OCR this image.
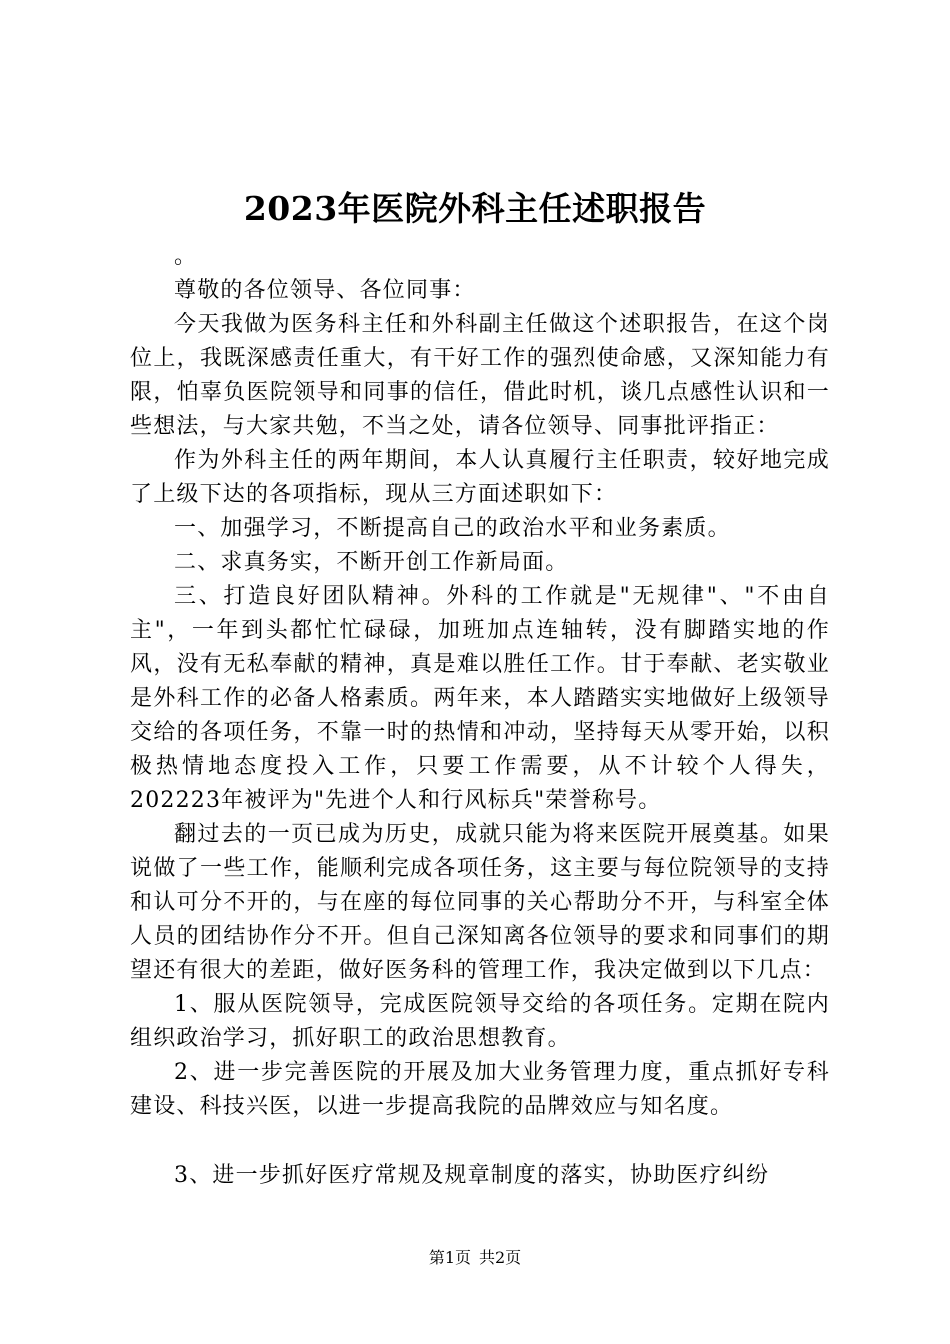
2023年医院外科主任述职报告

。

尊敬的各位领导、各位同事：

今天我做为医务科主任和外科副主任做这个述职报告，在这个岗位上，我既深感责任重大，有干好工作的强烈使命感，又深知能力有限，怕辜负医院领导和同事的信任，借此时机，谈几点感性认识和一些想法，与大家共勉，不当之处，请各位领导、同事批评指正：

作为外科主任的两年期间，本人认真履行主任职责，较好地完成了上级下达的各项指标，现从三方面述职如下：

一、加强学习，不断提高自己的政治水平和业务素质。

二、求真务实，不断开创工作新局面。

三、打造良好团队精神。外科的工作就是"无规律"、"不由自主"，一年到头都忙忙碌碌，加班加点连轴转，没有脚踏实地的作风，没有无私奉献的精神，真是难以胜任工作。甘于奉献、老实敬业是外科工作的必备人格素质。两年来，本人踏踏实实地做好上级领导交给的各项任务，不靠一时的热情和冲动，坚持每天从零开始，以积极热情地态度投入工作，只要工作需要，从不计较个人得失，202223年被评为"先进个人和行风标兵"荣誉称号。

翻过去的一页已成为历史，成就只能为将来医院开展奠基。如果说做了一些工作，能顺利完成各项任务，这主要与每位院领导的支持和认可分不开的，与在座的每位同事的关心帮助分不开，与科室全体人员的团结协作分不开。但自己深知离各位领导的要求和同事们的期望还有很大的差距，做好医务科的管理工作，我决定做到以下几点：

1、服从医院领导，完成医院领导交给的各项任务。定期在院内组织政治学习，抓好职工的政治思想教育。

2、进一步完善医院的开展及加大业务管理力度，重点抓好专科建设、科技兴医，以进一步提高我院的品牌效应与知名度。

3、进一步抓好医疗常规及规章制度的落实，协助医疗纠纷

第1页 共2页
